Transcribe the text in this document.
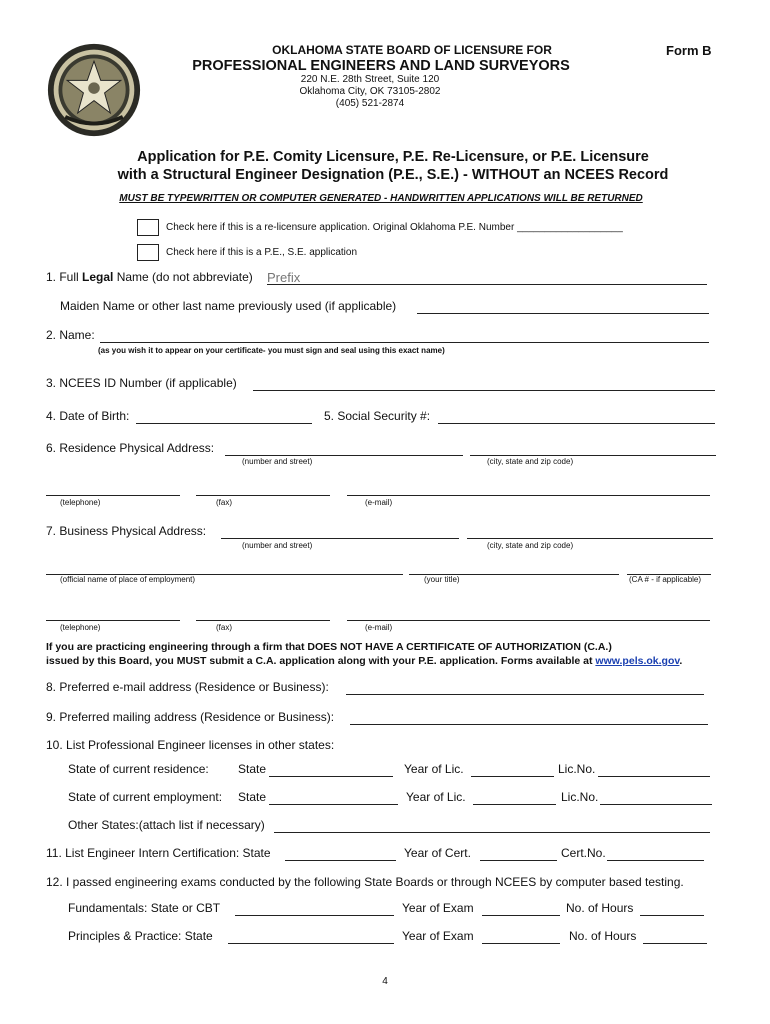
OKLAHOMA STATE BOARD OF LICENSURE FOR
PROFESSIONAL ENGINEERS AND LAND SURVEYORS
220 N.E. 28th Street, Suite 120
Oklahoma City, OK 73105-2802
(405) 521-2874
Form B
Application for P.E. Comity Licensure, P.E. Re-Licensure, or P.E. Licensure
with a Structural Engineer Designation (P.E., S.E.) - WITHOUT an NCEES Record
MUST BE TYPEWRITTEN OR COMPUTER GENERATED - HANDWRITTEN APPLICATIONS WILL BE RETURNED
Check here if this is a re-licensure application. Original Oklahoma P.E. Number ___________________
Check here if this is a P.E., S.E. application
1. Full Legal Name (do not abbreviate)
Prefix
Maiden Name or other last name previously used (if applicable)
2. Name:
(as you wish it to appear on your certificate- you must sign and seal using this exact name)
3. NCEES ID Number (if applicable)
4. Date of Birth:	5. Social Security #:
6. Residence Physical Address:
(number and street)	(city, state and zip code)
(telephone)	(fax)	(e-mail)
7. Business Physical Address:
(number and street)	(city, state and zip code)
(official name of place of employment)	(your title)	(CA # - if applicable)
(telephone)	(fax)	(e-mail)
If you are practicing engineering through a firm that DOES NOT HAVE A CERTIFICATE OF AUTHORIZATION (C.A.)
issued by this Board, you MUST submit a C.A. application along with your P.E. application. Forms available at www.pels.ok.gov.
8. Preferred e-mail address (Residence or Business):
9. Preferred mailing address (Residence or Business):
10. List Professional Engineer licenses in other states:
State of current residence: State	Year of Lic.	Lic.No.
State of current employment: State	Year of Lic.	Lic.No.
Other States:(attach list if necessary)
11. List Engineer Intern Certification: State	Year of Cert.	Cert.No.
12. I passed engineering exams conducted by the following State Boards or through NCEES by computer based testing.
Fundamentals: State or CBT	Year of Exam	No. of Hours
Principles & Practice: State	Year of Exam	No. of Hours
4
